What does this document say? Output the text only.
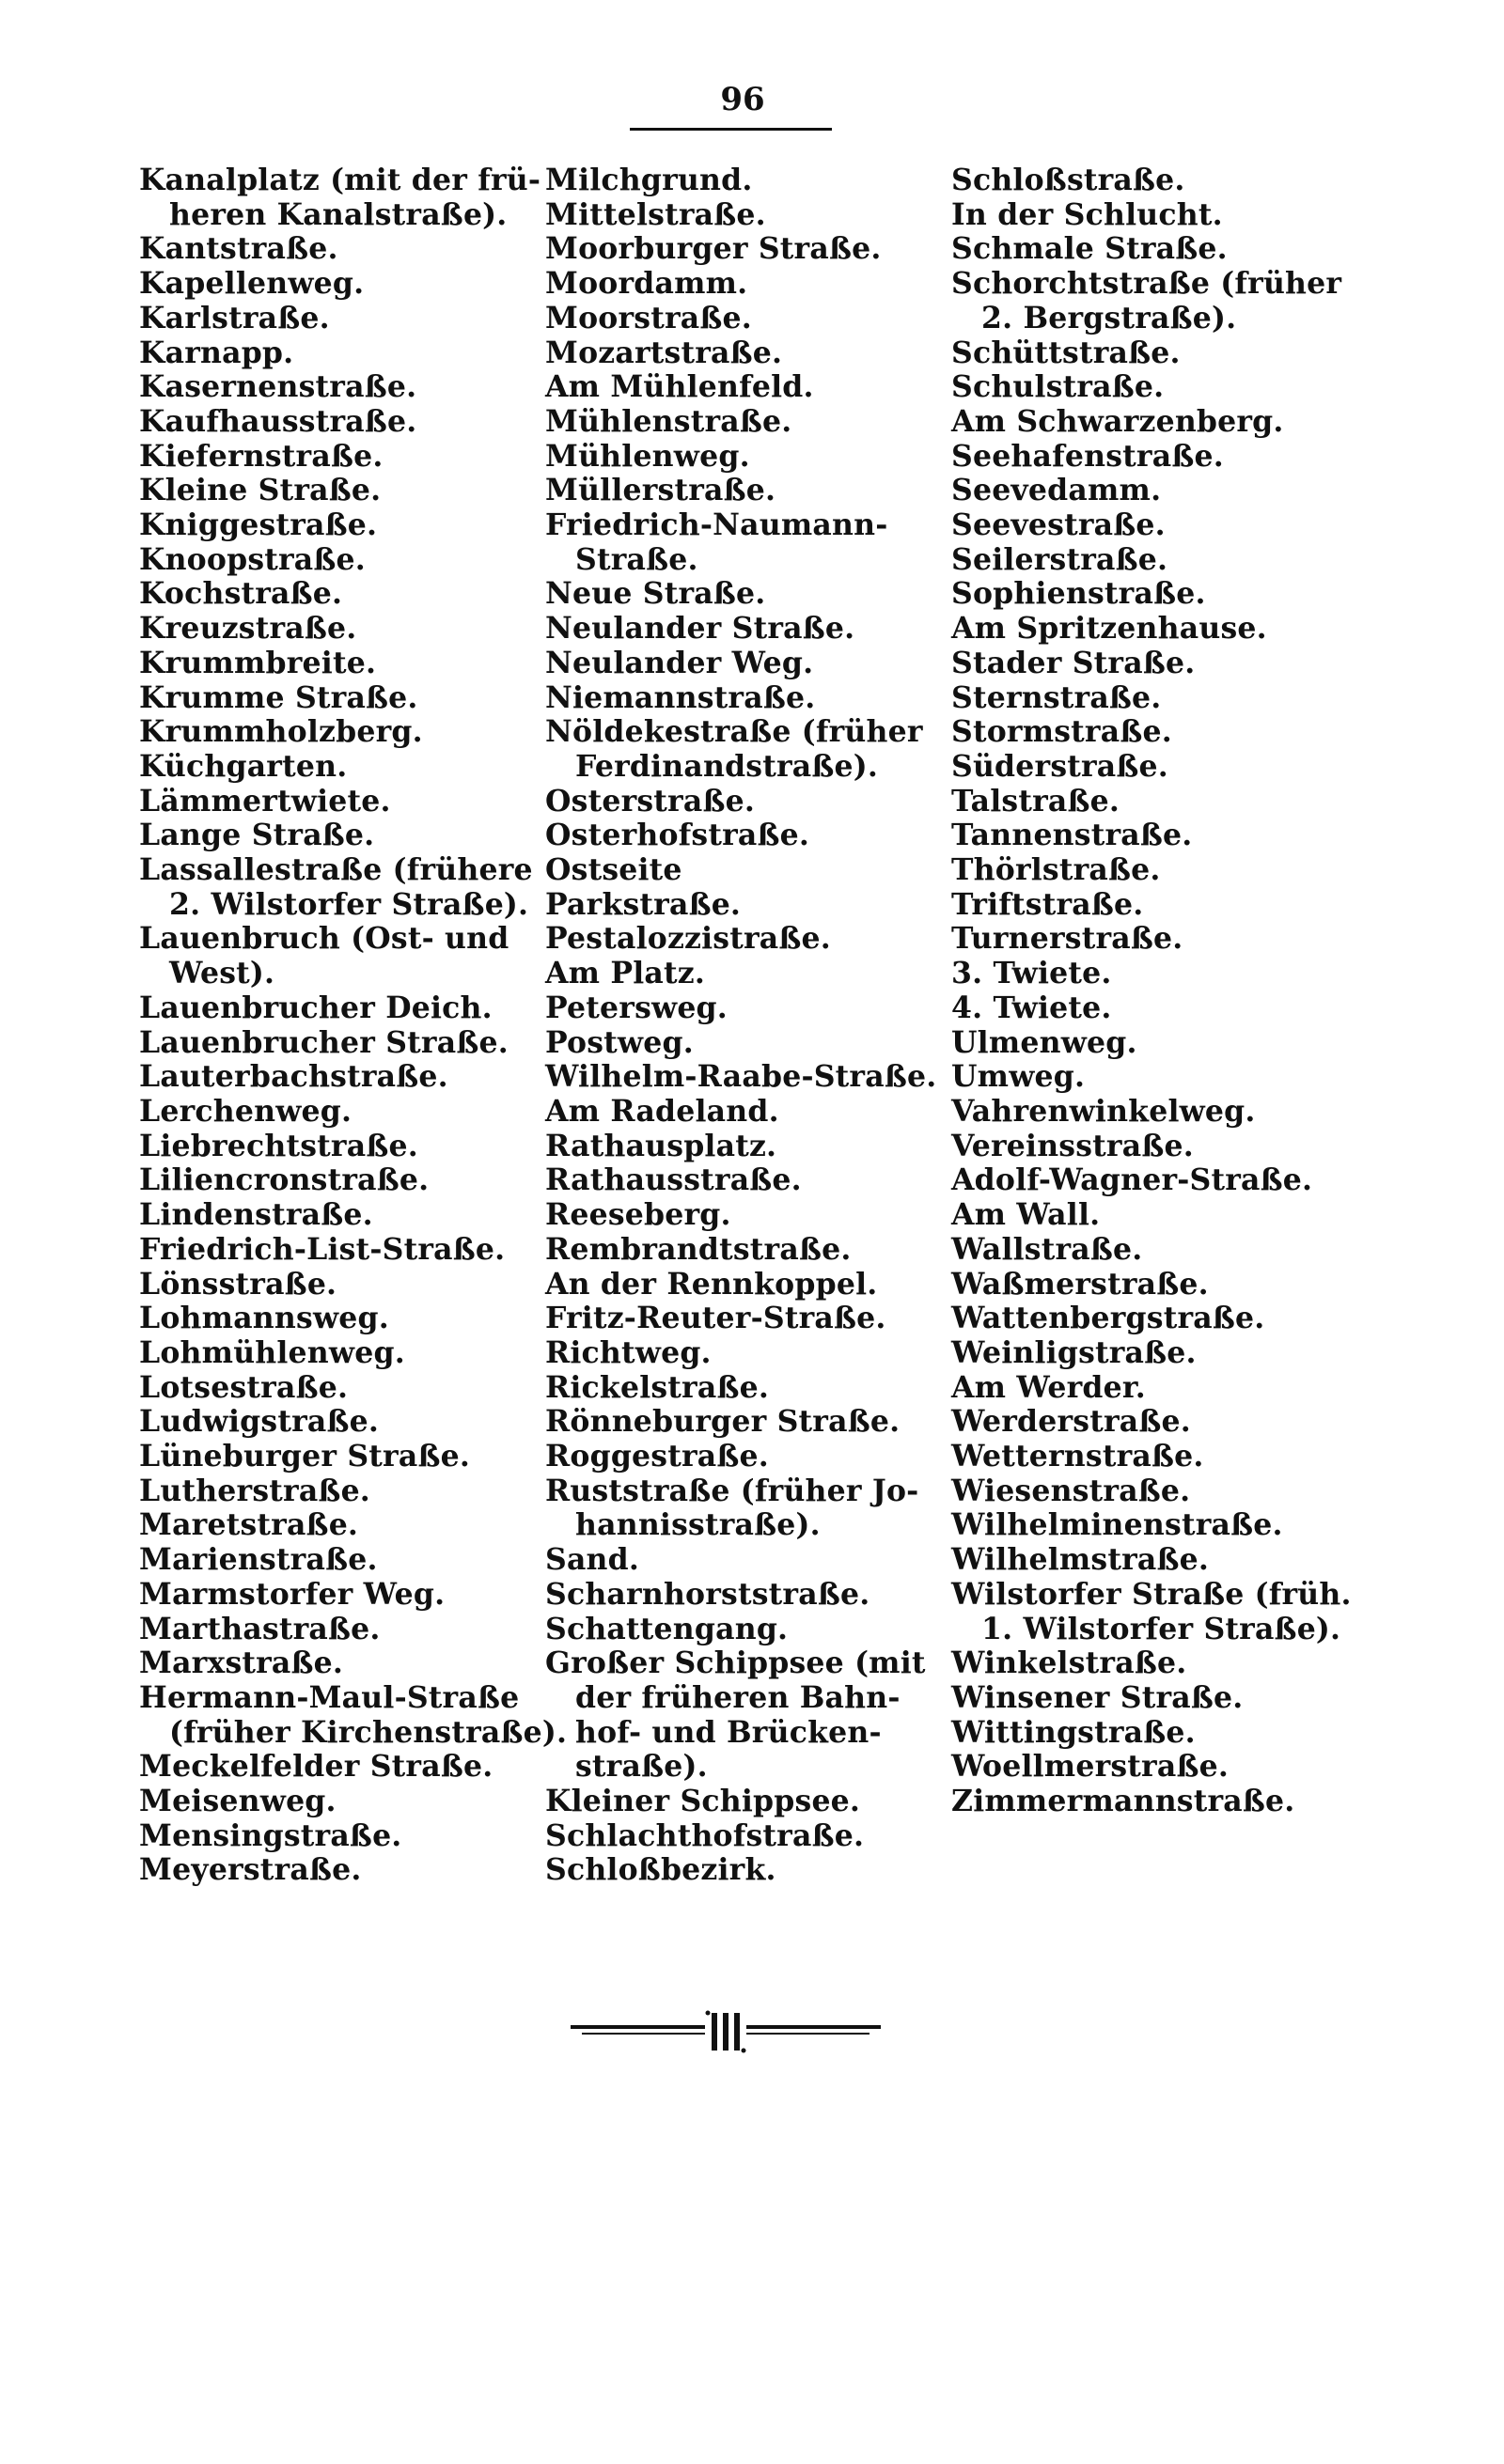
96
Kanalplatz (mit der frü-
heren Kanalstraße).
Kantstraße.
Kapellenweg.
Karlstraße.
Karnapp.
Kasernenstraße.
Kaufhausstraße.
Kiefernstraße.
Kleine Straße.
Kniggestraße.
Knoopstraße.
Kochstraße.
Kreuzstraße.
Krummbreite.
Krumme Straße.
Krummholzberg.
Küchgarten.
Lämmertwiete.
Lange Straße.
Lassallestraße (frühere
2. Wilstorfer Straße).
Lauenbruch (Ost- und
West).
Lauenbrucher Deich.
Lauenbrucher Straße.
Lauterbachstraße.
Lerchenweg.
Liebrechtstraße.
Liliencronstraße.
Lindenstraße.
Friedrich-List-Straße.
Lönsstraße.
Lohmannsweg.
Lohmühlenweg.
Lotsestraße.
Ludwigstraße.
Lüneburger Straße.
Lutherstraße.
Maretstraße.
Marienstraße.
Marmstorfer Weg.
Marthastraße.
Marxstraße.
Hermann-Maul-Straße
(früher Kirchenstraße).
Meckelfelder Straße.
Meisenweg.
Mensingstraße.
Meyerstraße.
Milchgrund.
Mittelstraße.
Moorburger Straße.
Moordamm.
Moorstraße.
Mozartstraße.
Am Mühlenfeld.
Mühlenstraße.
Mühlenweg.
Müllerstraße.
Friedrich-Naumann-
Straße.
Neue Straße.
Neulander Straße.
Neulander Weg.
Niemannstraße.
Nöldekestraße (früher
Ferdinandstraße).
Osterstraße.
Osterhofstraße.
Ostseite
Parkstraße.
Pestalozzistraße.
Am Platz.
Petersweg.
Postweg.
Wilhelm-Raabe-Straße.
Am Radeland.
Rathausplatz.
Rathausstraße.
Reeseberg.
Rembrandtstraße.
An der Rennkoppel.
Fritz-Reuter-Straße.
Richtweg.
Rickelstraße.
Rönneburger Straße.
Roggestraße.
Ruststraße (früher Jo-
hannisstraße).
Sand.
Scharnhorststraße.
Schattengang.
Großer Schippsee (mit
der früheren Bahn-
hof- und Brücken-
straße).
Kleiner Schippsee.
Schlachthofstraße.
Schloßbezirk.
Schloßstraße.
In der Schlucht.
Schmale Straße.
Schorchtstraße (früher
2. Bergstraße).
Schüttstraße.
Schulstraße.
Am Schwarzenberg.
Seehafenstraße.
Seevedamm.
Seevestraße.
Seilerstraße.
Sophienstraße.
Am Spritzenhause.
Stader Straße.
Sternstraße.
Stormstraße.
Süderstraße.
Talstraße.
Tannenstraße.
Thörlstraße.
Triftstraße.
Turnerstraße.
3. Twiete.
4. Twiete.
Ulmenweg.
Umweg.
Vahrenwinkelweg.
Vereinsstraße.
Adolf-Wagner-Straße.
Am Wall.
Wallstraße.
Waßmerstraße.
Wattenbergstraße.
Weinligstraße.
Am Werder.
Werderstraße.
Wetternstraße.
Wiesenstraße.
Wilhelminenstraße.
Wilhelmstraße.
Wilstorfer Straße (früh.
1. Wilstorfer Straße).
Winkelstraße.
Winsener Straße.
Wittingstraße.
Woellmerstraße.
Zimmermannstraße.
